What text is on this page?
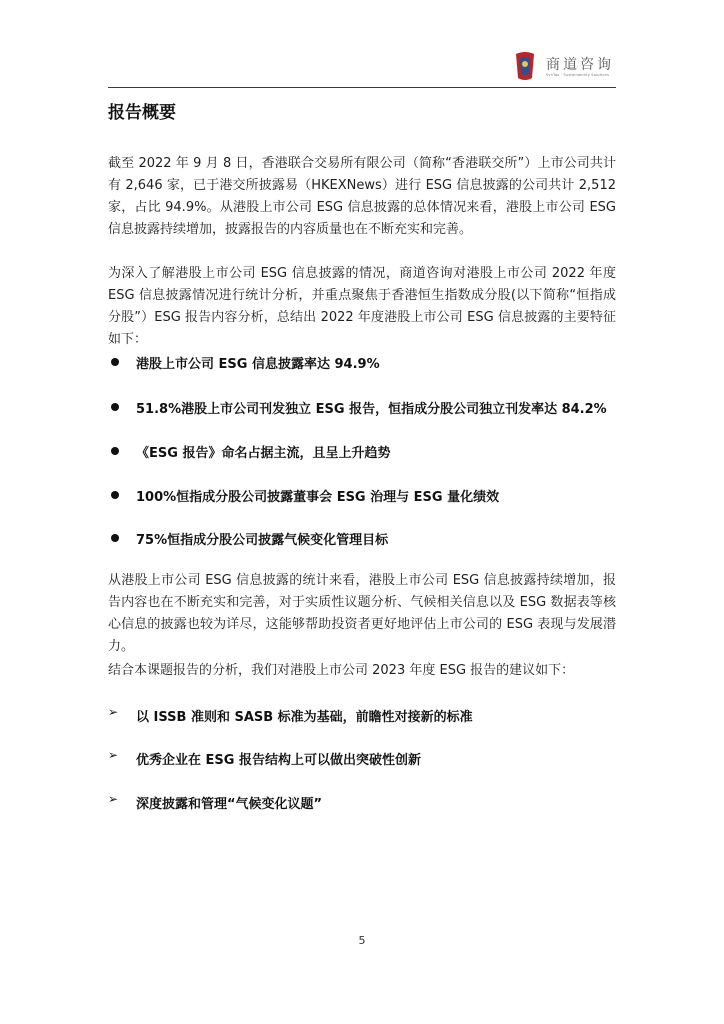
商道咨询
SynTao · Sustainability Solutions
报告概要

截至 2022 年 9 月 8 日，香港联合交易所有限公司（简称“香港联交所”）上市公司共计有 2,646 家，已于港交所披露易（HKEXNews）进行 ESG 信息披露的公司共计 2,512 家，占比 94.9%。从港股上市公司 ESG 信息披露的总体情况来看，港股上市公司 ESG 信息披露持续增加，披露报告的内容质量也在不断充实和完善。

为深入了解港股上市公司 ESG 信息披露的情况，商道咨询对港股上市公司 2022 年度 ESG 信息披露情况进行统计分析，并重点聚焦于香港恒生指数成分股(以下简称“恒指成分股”）ESG 报告内容分析，总结出 2022 年度港股上市公司 ESG 信息披露的主要特征如下：

港股上市公司 ESG 信息披露率达 94.9%
51.8%港股上市公司刊发独立 ESG 报告，恒指成分股公司独立刊发率达 84.2%
《ESG 报告》命名占据主流，且呈上升趋势
100%恒指成分股公司披露董事会 ESG 治理与 ESG 量化绩效
75%恒指成分股公司披露气候变化管理目标

从港股上市公司 ESG 信息披露的统计来看，港股上市公司 ESG 信息披露持续增加，报告内容也在不断充实和完善，对于实质性议题分析、气候相关信息以及 ESG 数据表等核心信息的披露也较为详尽，这能够帮助投资者更好地评估上市公司的 ESG 表现与发展潜力。

结合本课题报告的分析，我们对港股上市公司 2023 年度 ESG 报告的建议如下：

➢ 以 ISSB 准则和 SASB 标准为基础，前瞻性对接新的标准
➢ 优秀企业在 ESG 报告结构上可以做出突破性创新
➢ 深度披露和管理“气候变化议题”
5
